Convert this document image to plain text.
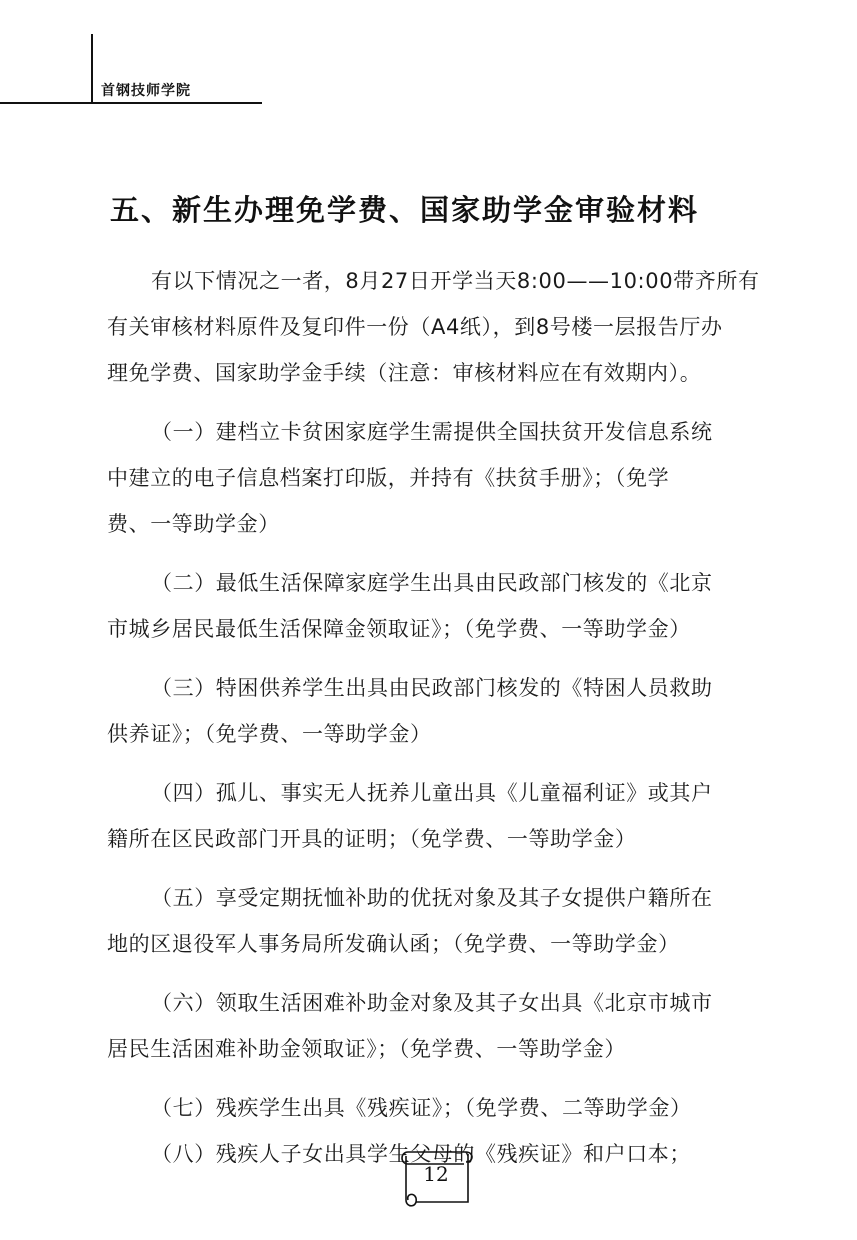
首钢技师学院
五、新生办理免学费、国家助学金审验材料
有以下情况之一者，8月27日开学当天8:00——10:00带齐所有
有关审核材料原件及复印件一份（A4纸），到8号楼一层报告厅办
理免学费、国家助学金手续（注意：审核材料应在有效期内）。
（一）建档立卡贫困家庭学生需提供全国扶贫开发信息系统
中建立的电子信息档案打印版，并持有《扶贫手册》；（免学
费、一等助学金）
（二）最低生活保障家庭学生出具由民政部门核发的《北京
市城乡居民最低生活保障金领取证》；（免学费、一等助学金）
（三）特困供养学生出具由民政部门核发的《特困人员救助
供养证》；（免学费、一等助学金）
（四）孤儿、事实无人抚养儿童出具《儿童福利证》或其户
籍所在区民政部门开具的证明；（免学费、一等助学金）
（五）享受定期抚恤补助的优抚对象及其子女提供户籍所在
地的区退役军人事务局所发确认函；（免学费、一等助学金）
（六）领取生活困难补助金对象及其子女出具《北京市城市
居民生活困难补助金领取证》；（免学费、一等助学金）
（七）残疾学生出具《残疾证》；（免学费、二等助学金）
（八）残疾人子女出具学生父母的《残疾证》和户口本；
12
